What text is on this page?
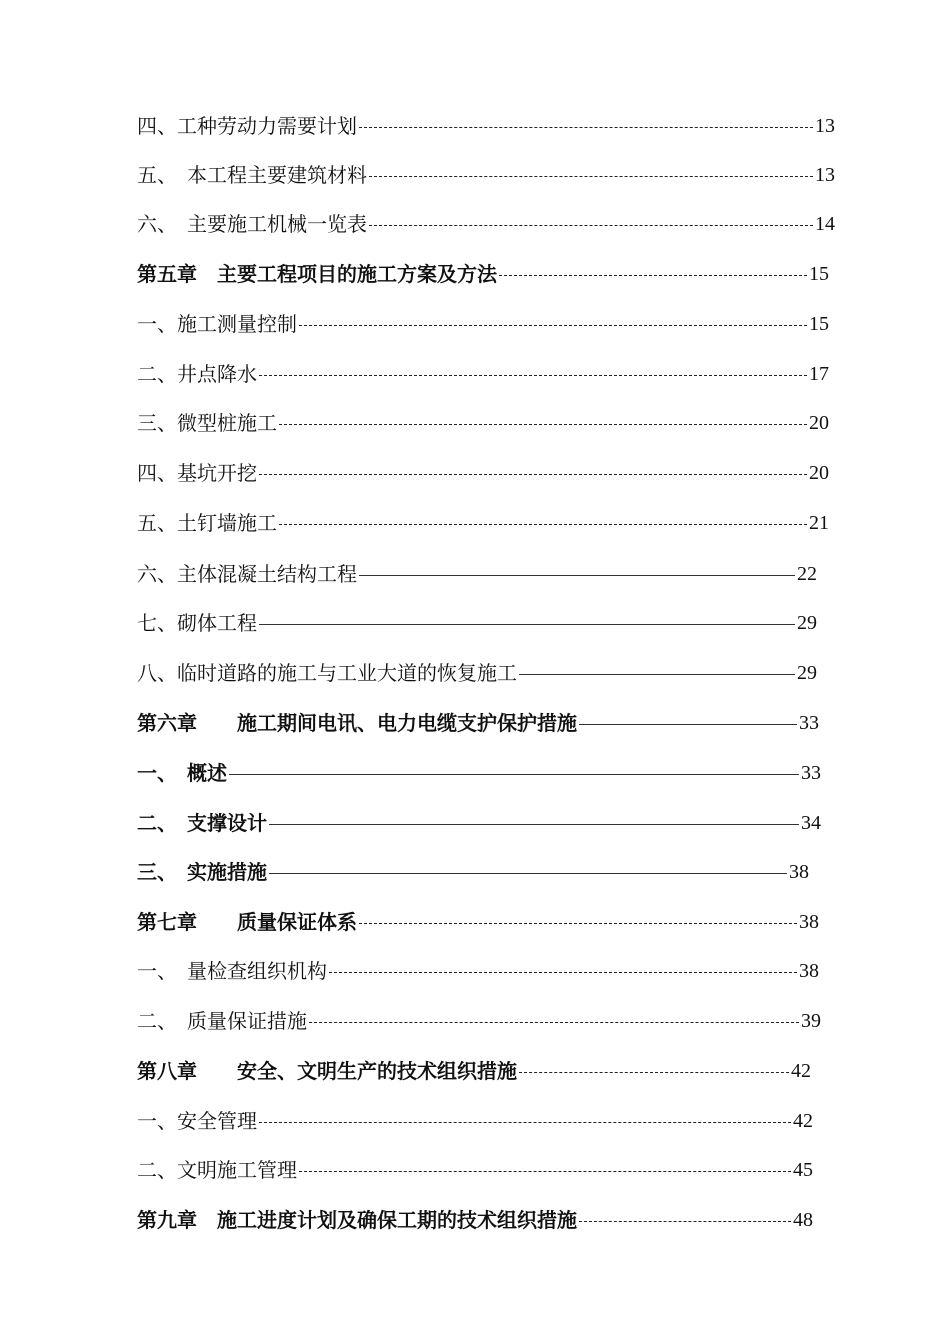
四、工种劳动力需要计划	13
五、　本工程主要建筑材料	13
六、　主要施工机械一览表	14
第五章　主要工程项目的施工方案及方法	15
一、施工测量控制	15
二、井点降水	17
三、微型桩施工	20
四、基坑开挖	20
五、土钉墙施工	21
六、主体混凝土结构工程	22
七、砌体工程	29
八、临时道路的施工与工业大道的恢复施工	29
第六章　　施工期间电讯、电力电缆支护保护措施	33
一、　概述	33
二、　支撑设计	34
三、　实施措施	38
第七章　　质量保证体系	38
一、　量检查组织机构	38
二、　质量保证措施	39
第八章　　安全、文明生产的技术组织措施	42
一、安全管理	42
二、文明施工管理	45
第九章　施工进度计划及确保工期的技术组织措施	48
